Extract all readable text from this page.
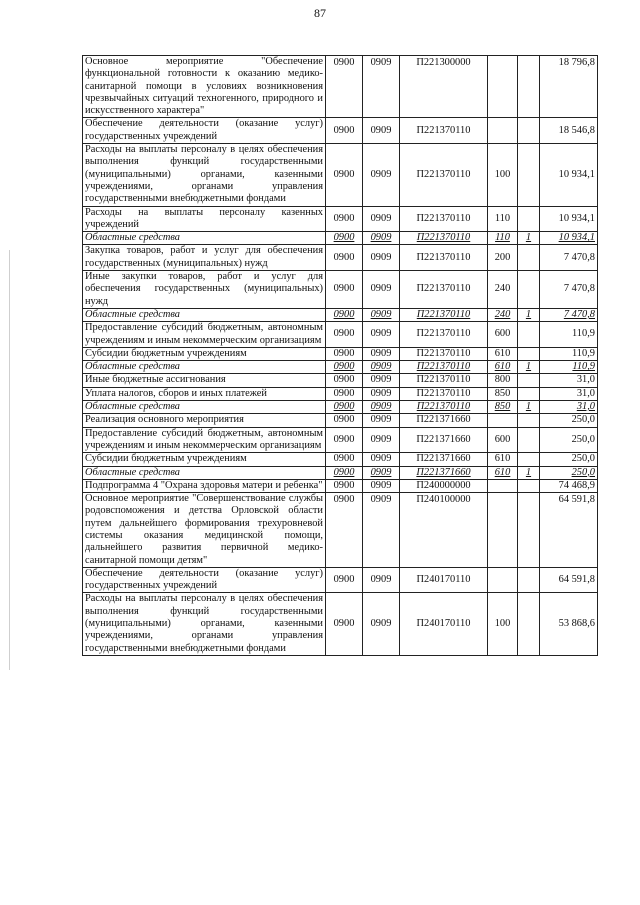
87
Основное мероприятие "Обеспечение функциональной готовности к оказанию медико-санитарной помощи в условиях возникновения чрезвычайных ситуаций техногенного, природного и искусственного характера"	0900	0909	П221300000			18 796,8
Обеспечение деятельности (оказание услуг) государственных учреждений	0900	0909	П221370110			18 546,8
Расходы на выплаты персоналу в целях обеспечения выполнения функций государственными (муниципальными) органами, казенными учреждениями, органами управления государственными внебюджетными фондами	0900	0909	П221370110	100		10 934,1
Расходы на выплаты персоналу казенных учреждений	0900	0909	П221370110	110		10 934,1
Областные средства	0900	0909	П221370110	110	1	10 934,1
Закупка товаров, работ и услуг для обеспечения государственных (муниципальных) нужд	0900	0909	П221370110	200		7 470,8
Иные закупки товаров, работ и услуг для обеспечения государственных (муниципальных) нужд	0900	0909	П221370110	240		7 470,8
Областные средства	0900	0909	П221370110	240	1	7 470,8
Предоставление субсидий бюджетным, автономным учреждениям и иным некоммерческим организациям	0900	0909	П221370110	600		110,9
Субсидии бюджетным учреждениям	0900	0909	П221370110	610		110,9
Областные средства	0900	0909	П221370110	610	1	110,9
Иные бюджетные ассигнования	0900	0909	П221370110	800		31,0
Уплата налогов, сборов и иных платежей	0900	0909	П221370110	850		31,0
Областные средства	0900	0909	П221370110	850	1	31,0
Реализация основного мероприятия	0900	0909	П221371660			250,0
Предоставление субсидий бюджетным, автономным учреждениям и иным некоммерческим организациям	0900	0909	П221371660	600		250,0
Субсидии бюджетным учреждениям	0900	0909	П221371660	610		250,0
Областные средства	0900	0909	П221371660	610	1	250,0
Подпрограмма 4 "Охрана здоровья матери и ребенка"	0900	0909	П240000000			74 468,9
Основное мероприятие "Совершенствование службы родовспоможения и детства Орловской области путем дальнейшего формирования трехуровневой системы оказания медицинской помощи, дальнейшего развития первичной медико-санитарной помощи детям"	0900	0909	П240100000			64 591,8
Обеспечение деятельности (оказание услуг) государственных учреждений	0900	0909	П240170110			64 591,8
Расходы на выплаты персоналу в целях обеспечения выполнения функций государственными (муниципальными) органами, казенными учреждениями, органами управления государственными внебюджетными фондами	0900	0909	П240170110	100		53 868,6
